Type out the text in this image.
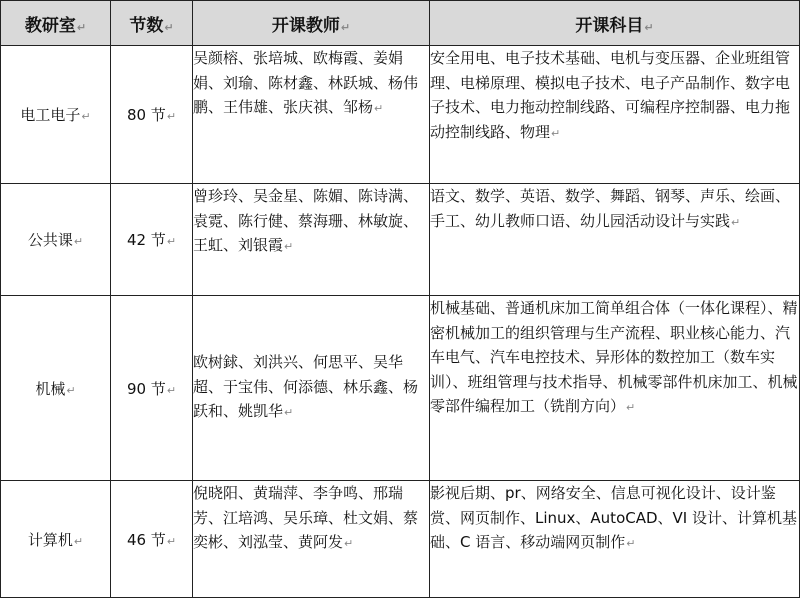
教研室↵	节数↵	开课教师↵	开课科目↵
电工电子↵	80 节↵	吴颜榕、张培城、欧梅霞、姜娟娟、刘瑜、陈材鑫、林跃城、杨伟鹏、王伟雄、张庆祺、邹杨↵	安全用电、电子技术基础、电机与变压器、企业班组管理、电梯原理、模拟电子技术、电子产品制作、数字电子技术、电力拖动控制线路、可编程序控制器、电力拖动控制线路、物理↵
公共课↵	42 节↵	曾珍玲、吴金星、陈媚、陈诗满、袁霓、陈行健、蔡海珊、林敏旋、王虹、刘银霞↵	语文、数学、英语、数学、舞蹈、钢琴、声乐、绘画、手工、幼儿教师口语、幼儿园活动设计与实践↵
机械↵	90 节↵	欧树銶、刘洪兴、何思平、吴华超、于宝伟、何添德、林乐鑫、杨跃和、姚凯华↵	机械基础、普通机床加工简单组合体（一体化课程）、精密机械加工的组织管理与生产流程、职业核心能力、汽车电气、汽车电控技术、异形体的数控加工（数车实训）、班组管理与技术指导、机械零部件机床加工、机械零部件编程加工（铣削方向）↵
计算机↵	46 节↵	倪晓阳、黄瑞萍、李争鸣、邢瑞芳、江培鸿、吴乐璋、杜文娟、蔡奕彬、刘泓莹、黄阿发↵	影视后期、pr、网络安全、信息可视化设计、设计鉴赏、网页制作、Linux、AutoCAD、VI 设计、计算机基础、C 语言、移动端网页制作↵
